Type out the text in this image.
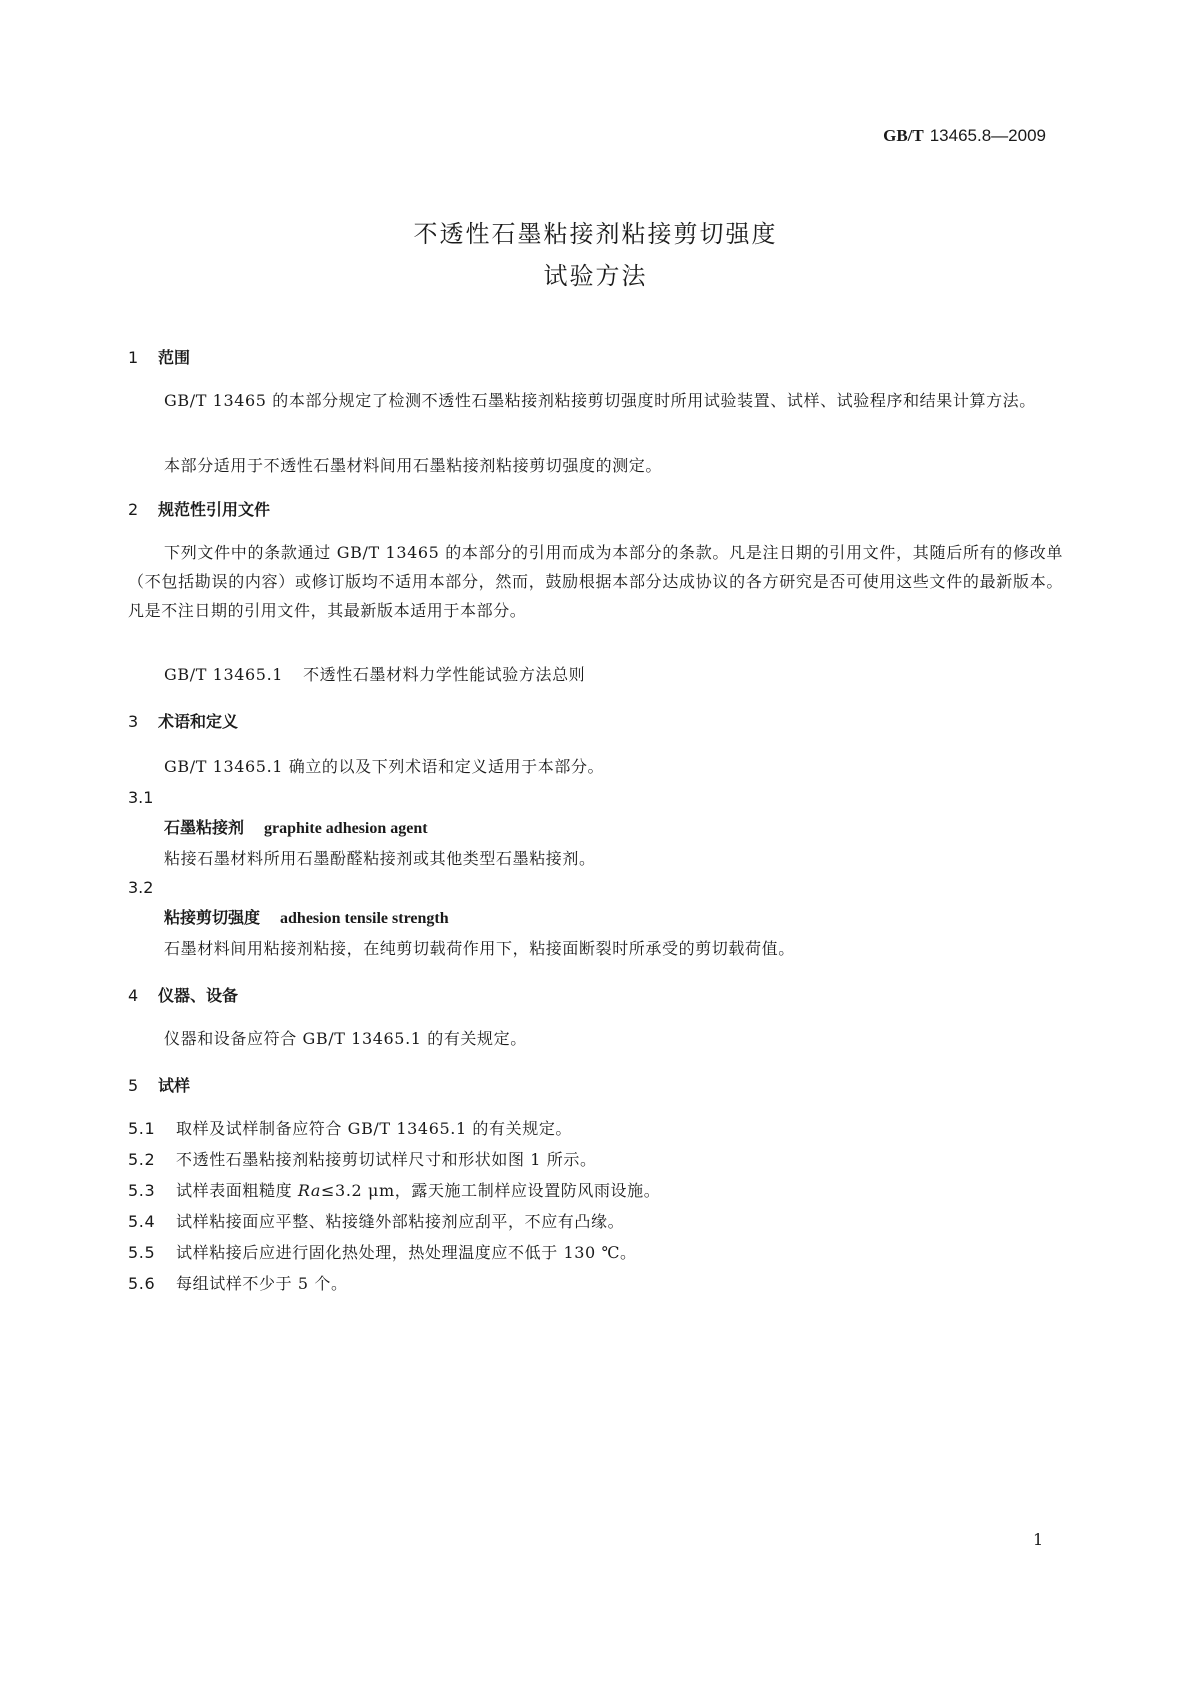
GB/T 13465.8—2009
不透性石墨粘接剂粘接剪切强度
试验方法
1 范围
GB/T 13465 的本部分规定了检测不透性石墨粘接剂粘接剪切强度时所用试验装置、试样、试验程序和结果计算方法。
本部分适用于不透性石墨材料间用石墨粘接剂粘接剪切强度的测定。
2 规范性引用文件
下列文件中的条款通过 GB/T 13465 的本部分的引用而成为本部分的条款。凡是注日期的引用文件，其随后所有的修改单（不包括勘误的内容）或修订版均不适用本部分，然而，鼓励根据本部分达成协议的各方研究是否可使用这些文件的最新版本。凡是不注日期的引用文件，其最新版本适用于本部分。
GB/T 13465.1 不透性石墨材料力学性能试验方法总则
3 术语和定义
GB/T 13465.1 确立的以及下列术语和定义适用于本部分。
3.1
石墨粘接剂 graphite adhesion agent
粘接石墨材料所用石墨酚醛粘接剂或其他类型石墨粘接剂。
3.2
粘接剪切强度 adhesion tensile strength
石墨材料间用粘接剂粘接，在纯剪切载荷作用下，粘接面断裂时所承受的剪切载荷值。
4 仪器、设备
仪器和设备应符合 GB/T 13465.1 的有关规定。
5 试样
5.1 取样及试样制备应符合 GB/T 13465.1 的有关规定。
5.2 不透性石墨粘接剂粘接剪切试样尺寸和形状如图 1 所示。
5.3 试样表面粗糙度 Ra≤3.2 μm，露天施工制样应设置防风雨设施。
5.4 试样粘接面应平整、粘接缝外部粘接剂应刮平，不应有凸缘。
5.5 试样粘接后应进行固化热处理，热处理温度应不低于 130 ℃。
5.6 每组试样不少于 5 个。
1
